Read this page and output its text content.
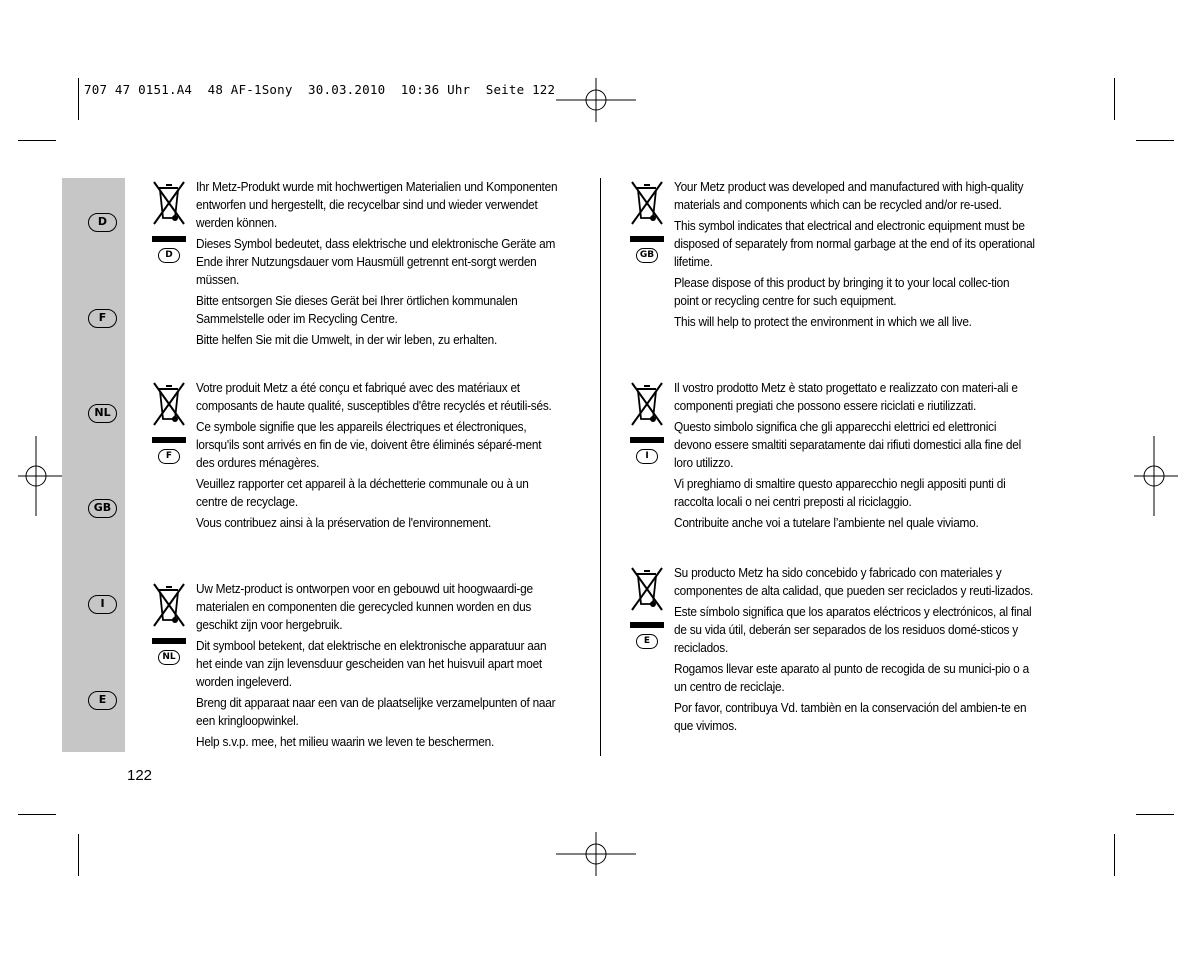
707 47 0151.A4  48 AF-1Sony  30.03.2010  10:36 Uhr  Seite 122
D
F
NL
GB
I
E
D

Ihr Metz-Produkt wurde mit hochwertigen Materialien und Komponenten entworfen und hergestellt, die recycelbar sind und wieder verwendet werden können.

Dieses Symbol bedeutet, dass elektrische und elektronische Geräte am Ende ihrer Nutzungsdauer vom Hausmüll getrennt ent-sorgt werden müssen.

Bitte entsorgen Sie dieses Gerät bei Ihrer örtlichen kommunalen Sammelstelle oder im Recycling Centre.

Bitte helfen Sie mit die Umwelt, in der wir leben, zu erhalten.

F

Votre produit Metz a été conçu et fabriqué avec des matériaux et composants de haute qualité, susceptibles d'être recyclés et réutili-sés.

Ce symbole signifie que les appareils électriques et électroniques, lorsqu'ils sont arrivés en fin de vie, doivent être éliminés séparé-ment des ordures ménagères.

Veuillez rapporter cet appareil à la déchetterie communale ou à un centre de recyclage.

Vous contribuez ainsi à la préservation de l'environnement.

NL

Uw Metz-product is ontworpen voor en gebouwd uit hoogwaardi-ge materialen en componenten die gerecycled kunnen worden en dus geschikt zijn voor hergebruik.

Dit symbool betekent, dat elektrische en elektronische apparatuur aan het einde van zijn levensduur gescheiden van het huisvuil apart moet worden ingeleverd.

Breng dit apparaat naar een van de plaatselijke verzamelpunten of naar een kringloopwinkel.

Help s.v.p. mee, het milieu waarin we leven te beschermen.

GB

Your Metz product was developed and manufactured with high-quality materials and components which can be recycled and/or re-used.

This symbol indicates that electrical and electronic equipment must be disposed of separately from normal garbage at the end of its operational lifetime.

Please dispose of this product by bringing it to your local collec-tion point or recycling centre for such equipment.

This will help to protect the environment in which we all live.

I

Il vostro prodotto Metz è stato progettato e realizzato con materi-ali e componenti pregiati che possono essere riciclati e riutilizzati.

Questo simbolo significa che gli apparecchi elettrici ed elettronici devono essere smaltiti separatamente dai rifiuti domestici alla fine del loro utilizzo.

Vi preghiamo di smaltire questo apparecchio negli appositi punti di raccolta locali o nei centri preposti al riciclaggio.

Contribuite anche voi a tutelare l’ambiente nel quale viviamo.

E

Su producto Metz ha sido concebido y fabricado con materiales y componentes de alta calidad, que pueden ser reciclados y reuti-lizados.

Este símbolo significa que los aparatos eléctricos y electrónicos, al final de su vida útil, deberán ser separados de los residuos domé-sticos y reciclados.

Rogamos llevar este aparato al punto de recogida de su munici-pio o a un centro de reciclaje.

Por favor, contribuya Vd. tambièn en la conservación del ambien-te en que vivimos.

122
